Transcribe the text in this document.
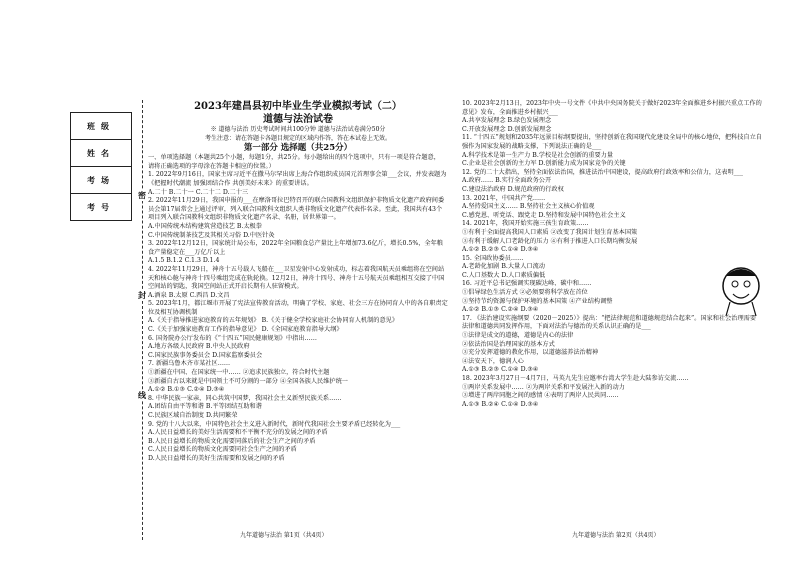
班级
姓名
考场
考号
密
封
线
2023年建昌县初中毕业生学业模拟考试（二）
道德与法治试卷
※ 道德与法治 历史考试时间共100分钟 道德与法治试卷满分50分
考生注意：请在答题卡各题目规定的区域内作答，答在本试卷上无效。
第一部分 选择题（共25分）

一、单项选择题（本题共25个小题，每题1分，共25分。每小题给出的四个选项中，只有一项是符合题意，

请将正确选项的字母涂在答题卡相应的位置。）

1. 2022年9月16日，国家主席习近平在撒马尔罕出席上海合作组织成员国元首理事会第___会议，并发表题为《把握时代潮流 加强团结合作 共创美好未来》的重要讲话。

A.二十 B.二十一 C.二十二 D.二十三

2. 2022年11月29日，我国申报的___在摩洛哥拉巴特召开的联合国教科文组织保护非物质文化遗产政府间委员会第17届常会上通过评审，列入联合国教科文组织人类非物质文化遗产代表作名录。至此，我国共有43个项目列入联合国教科文组织非物质文化遗产名录、名册，居世界第一。

A.中国传统木结构建筑营造技艺 B.太极拳

C.中国传统制茶技艺及其相关习俗 D.中医针灸

3. 2022年12月12日，国家统计局公布，2022年全国粮食总产量比上年增加73.6亿斤，增长0.5%，全年粮食产量稳定在___万亿斤以上

A.1.5 B.1.2 C.1.3 D.1.4

4. 2022年11月29日，神舟十五号载人飞船在___卫星发射中心发射成功，标志着我国航天员乘组将在空间站天和核心舱与神舟十四号乘组完成在轨轮换。12月2日，神舟十四号、神舟十五号航天员乘组相互交接了中国空间站的钥匙，我国空间站正式开启长期有人驻留模式。

A.酒泉 B.太原 C.西昌 D.文昌

5. 2023年1月，都江堰市开展了宪法宣传教育活动，明确了学校、家庭、社会三方在协同育人中的各自职责定位及相互协调机制

A.《关于指导推进家庭教育的五年规划》 B.《关于健全学校家庭社会协同育人机制的意见》

C.《关于加强家庭教育工作的指导意见》 D.《全国家庭教育指导大纲》

6. 国务院办公厅发布的《“十四五”国民健康规划》中指出……

A.地方各级人民政府 B.中央人民政府

C.国家民族事务委员会 D.国家监察委员会

7. 新疆乌鲁木齐市某社区……

①新疆在中国、在国家统一中…… ②追求民族独立，符合时代主题

③新疆自古以来就是中国领土不可分割的一部分 ④全国各族人民维护统一

A.①② B.①③ C.②④ D.③④

8. 中华民族一家亲，同心共筑中国梦，我国社会主义新型民族关系……

A.团结自由平等和谐 B.平等团结互助和谐

C.民族区域自治制度 D.共同繁荣

9. 党的十八大以来，中国特色社会主义进入新时代，新时代我国社会主要矛盾已经转化为___

A.人民日益增长的美好生活需要和不平衡不充分的发展之间的矛盾

B.人民日益增长的物质文化需要同落后的社会生产之间的矛盾

C.人民日益增长的物质文化需要同社会生产之间的矛盾

D.人民日益增长的美好生活需要和发展之间的矛盾

10. 2023年2月13日，2023年中央一号文件《中共中央国务院关于做好2023年全面推进乡村振兴重点工作的意见》发布，全面推进乡村振兴___

A.共享发展理念 B.绿色发展理念

C.开放发展理念 D.创新发展理念

11. “十四五”规划和2035年远景目标纲要提出，坚持创新在我国现代化建设全局中的核心地位，把科技自立自强作为国家发展的战略支撑，下列说法正确的是___

A.科学技术是第一生产力 B.学校是社会创新的重要力量

C.企业是社会创新的主力军 D.创新能力成为国家竞争的关键

12. 党的二十大指出，坚持全面依法治国，推进法治中国建设，提高政府行政效率和公信力，这表明___

A.政府…… B.实行全面政务公开

C.建设法治政府 D.规范政府的行政权

13. 2021年，中国共产党……

A.坚持爱国主义…… B.坚持社会主义核心价值观

C.感党恩、听党话、跟党走 D.坚持和发展中国特色社会主义

14. 2021年，我国开始实施三孩生育政策……

①有利于全面提高我国人口素质 ②改变了我国计划生育基本国策

③有利于缓解人口老龄化的压力 ④有利于推进人口长期均衡发展

A.①② B.②③ C.①④ D.③④

15. 全国政协委员……

A.老龄化加剧 B.大量人口流动

C.人口基数大 D.人口素质偏低

16. 习近平总书记强调实现碳达峰、碳中和……

①倡导绿色生活方式 ②必须要将科学放在首位

③坚持节约资源与保护环境的基本国策 ④产业结构调整

A.①② B.①③ C.②④ D.③④

17. 《法治建设实施纲要（2020－2025）》提出：“把法律规范和道德规范结合起来”。国家和社会治理需要法律和道德共同发挥作用，下面对法治与德治的关系认识正确的是___

①法律是成文的道德，道德是内心的法律

②依法治国是治理国家的基本方式

③充分发挥道德的教化作用，以道德滋养法治精神

④法安天下，德润人心

A.①③ B.②③ C.①④ D.③④

18. 2023年3月27日－4月7日，马英九先生应邀率台湾大学生赴大陆参访交流……

①两岸关系发展中…… ②为两岸关系和平发展注入新的动力

③增进了两岸同胞之间的感情 ④表明了两岸人民共同……

A.①③ B.②④ C.①④ D.③④

九年道德与法治 第1页（共4页）	九年道德与法治 第2页（共4页）
